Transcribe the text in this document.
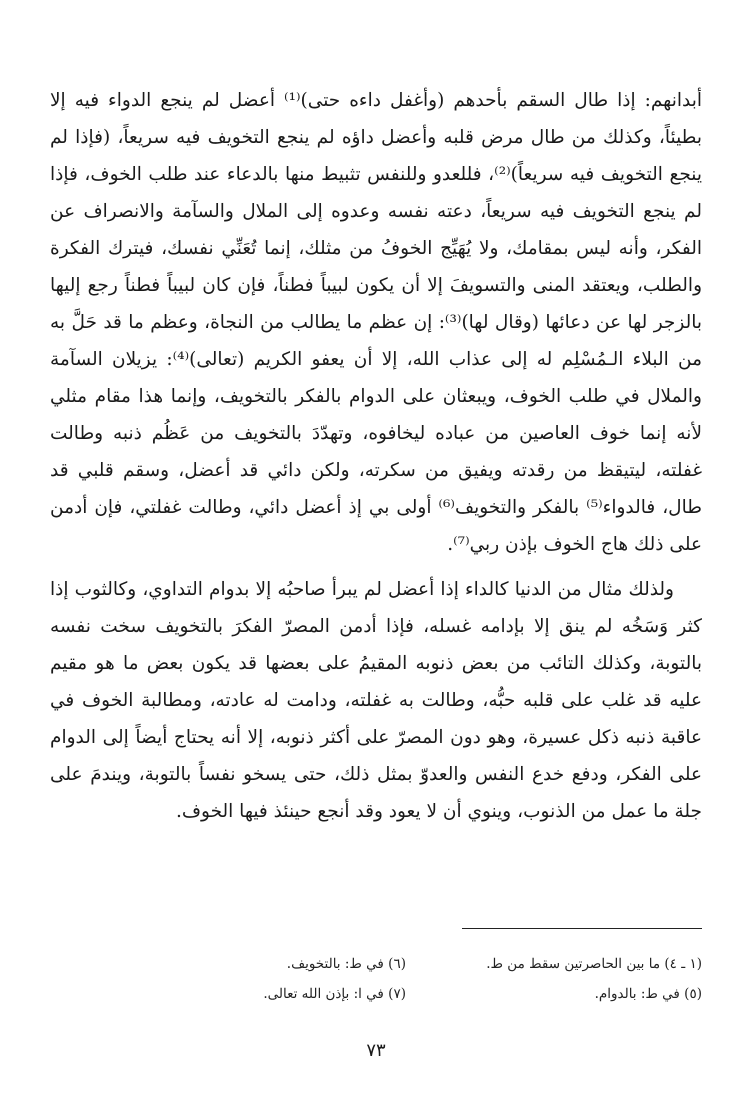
أبدانهم: إذا طال السقم بأحدهم (وأغفل داءه حتى)⁽¹⁾ أعضل لم ينجع الدواء فيه إلا بطيئاً، وكذلك من طال مرض قلبه وأعضل داؤه لم ينجع التخويف فيه سريعاً، (فإذا لم ينجع التخويف فيه سريعاً)⁽²⁾، فللعدو وللنفس تثبيط منها بالدعاء عند طلب الخوف، فإذا لم ينجع التخويف فيه سريعاً، دعته نفسه وعدوه إلى الملال والسآمة والانصراف عن الفكر، وأنه ليس بمقامك، ولا يُهَيِّج الخوفُ من مثلك، إنما تُعَنِّي نفسك، فيترك الفكرة والطلب، ويعتقد المنى والتسويفَ إلا أن يكون لبيباً فطناً، فإن كان لبيباً فطناً رجع إليها بالزجر لها عن دعائها (وقال لها)⁽³⁾: إن عظم ما يطالب من النجاة، وعظم ما قد حَلَّ به من البلاء الـمُسْلِم له إلى عذاب الله، إلا أن يعفو الكريم (تعالى)⁽⁴⁾: يزيلان السآمة والملال في طلب الخوف، ويبعثان على الدوام بالفكر بالتخويف، وإنما هذا مقام مثلي لأنه إنما خوف العاصين من عباده ليخافوه، وتهدّدَ بالتخويف من عَظُم ذنبه وطالت غفلته، ليتيقظ من رقدته ويفيق من سكرته، ولكن دائي قد أعضل، وسقم قلبي قد طال، فالدواء⁽⁵⁾ بالفكر والتخويف⁽⁶⁾ أولى بي إذ أعضل دائي، وطالت غفلتي، فإن أدمن على ذلك هاج الخوف بإذن ربي⁽⁷⁾.

ولذلك مثال من الدنيا كالداء إذا أعضل لم يبرأ صاحبُه إلا بدوام التداوي، وكالثوب إذا كثر وَسَخُه لم ينق إلا بإدامه غسله، فإذا أدمن المصرّ الفكرَ بالتخويف سخت نفسه بالتوبة، وكذلك التائب من بعض ذنوبه المقيمُ على بعضها قد يكون بعض ما هو مقيم عليه قد غلب على قلبه حبُّه، وطالت به غفلته، ودامت له عادته، ومطالبة الخوف في عاقبة ذنبه ذكل عسيرة، وهو دون المصرّ على أكثر ذنوبه، إلا أنه يحتاج أيضاً إلى الدوام على الفكر، ودفع خدع النفس والعدوّ بمثل ذلك، حتى يسخو نفساً بالتوبة، ويندمَ على جلة ما عمل من الذنوب، وينوي أن لا يعود وقد أنجع حينئذ فيها الخوف.

(١ ـ ٤) ما بين الحاصرتين سقط من ط.
(٦) في ط: بالتخويف.
(٥) في ط: بالدوام.
(٧) في ا: بإذن الله تعالى.
٧٣
